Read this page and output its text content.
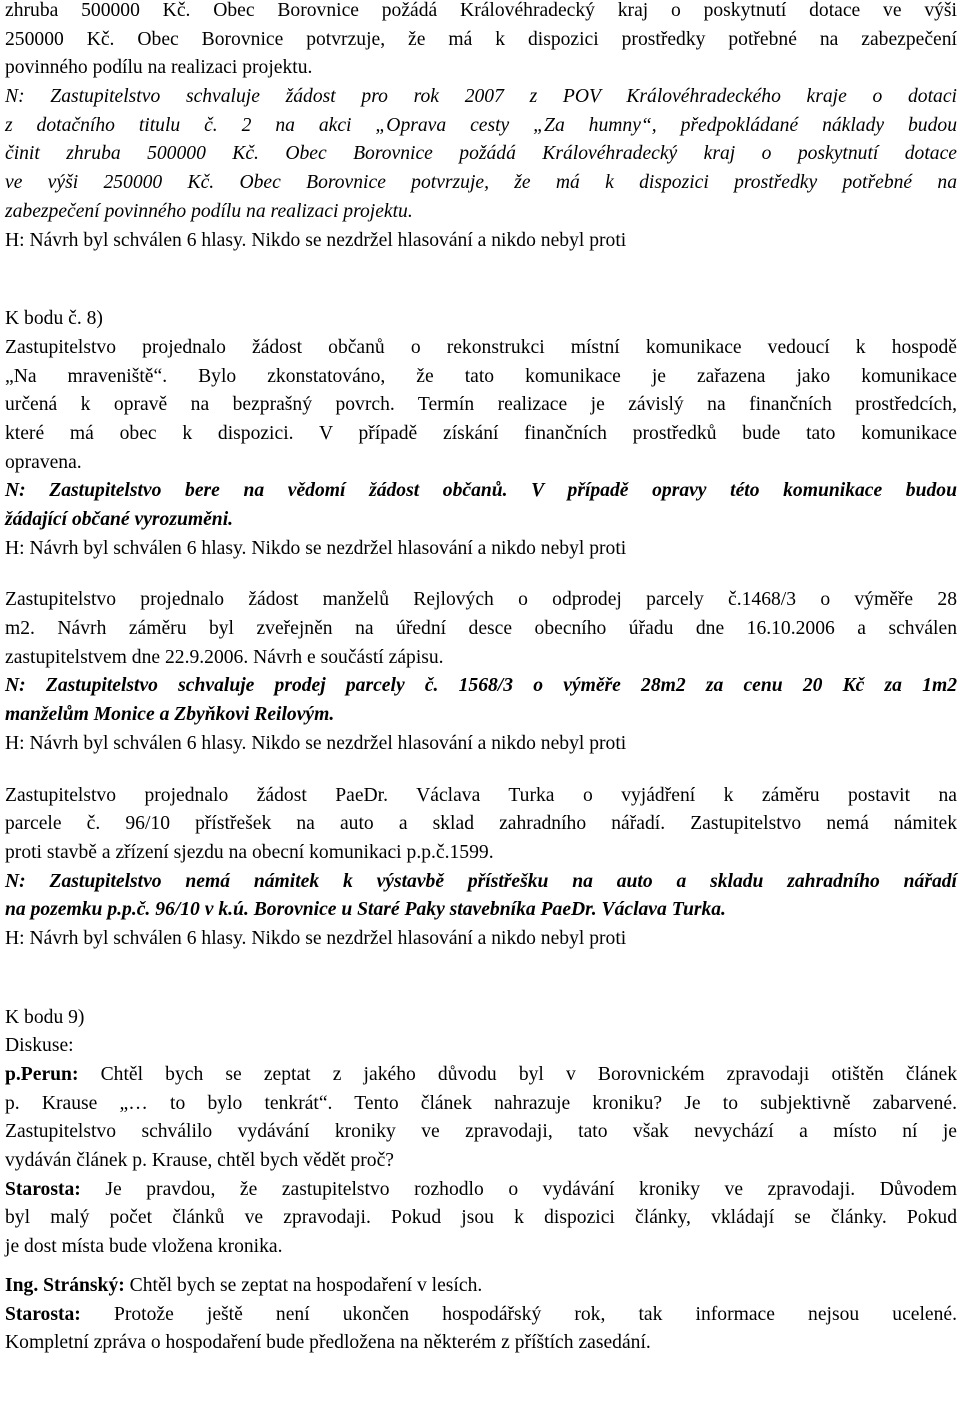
zhruba 500000 Kč. Obec Borovnice požádá Královéhradecký kraj o poskytnutí dotace ve výši
250000 Kč. Obec Borovnice potvrzuje, že má k dispozici prostředky potřebné na zabezpečení
povinného podílu na realizaci projektu.
N: Zastupitelstvo schvaluje žádost pro rok 2007 z POV Královéhradeckého kraje o dotaci
z dotačního titulu č. 2 na akci „Oprava cesty „Za humny“, předpokládané náklady budou
činit zhruba 500000 Kč. Obec Borovnice požádá Královéhradecký kraj o poskytnutí dotace
ve výši 250000 Kč. Obec Borovnice potvrzuje, že má k dispozici prostředky potřebné na
zabezpečení povinného podílu na realizaci projektu.
H: Návrh byl schválen 6 hlasy. Nikdo se nezdržel hlasování a nikdo nebyl proti
K bodu č. 8)
Zastupitelstvo projednalo žádost občanů o rekonstrukci místní komunikace vedoucí k hospodě
„Na mraveniště“. Bylo zkonstatováno, že tato komunikace je zařazena jako komunikace
určená k opravě na bezprašný povrch. Termín realizace je závislý na finančních prostředcích,
které má obec k dispozici. V případě získání finančních prostředků bude tato komunikace
opravena.
N: Zastupitelstvo bere na vědomí žádost občanů. V případě opravy této komunikace budou
žádající občané vyrozuměni.
H: Návrh byl schválen 6 hlasy. Nikdo se nezdržel hlasování a nikdo nebyl proti
Zastupitelstvo projednalo žádost manželů Rejlových o odprodej parcely č.1468/3 o výměře 28
m2. Návrh záměru byl zveřejněn na úřední desce obecního úřadu dne 16.10.2006 a schválen
zastupitelstvem dne 22.9.2006. Návrh e součástí zápisu.
N: Zastupitelstvo schvaluje prodej parcely č. 1568/3 o výměře 28m2 za cenu 20 Kč za 1m2
manželům Monice a Zbyňkovi Reilovým.
H: Návrh byl schválen 6 hlasy. Nikdo se nezdržel hlasování a nikdo nebyl proti
Zastupitelstvo projednalo žádost PaeDr. Václava Turka o vyjádření k záměru postavit na
parcele č. 96/10 přístřešek na auto a sklad zahradního nářadí. Zastupitelstvo nemá námitek
proti stavbě a zřízení sjezdu na obecní komunikaci p.p.č.1599.
N: Zastupitelstvo nemá námitek k výstavbě přístřešku na auto a skladu zahradního nářadí
na pozemku p.p.č. 96/10 v k.ú. Borovnice u Staré Paky stavebníka PaeDr. Václava Turka.
H: Návrh byl schválen 6 hlasy. Nikdo se nezdržel hlasování a nikdo nebyl proti
K bodu 9)
Diskuse:
p.Perun: Chtěl bych se zeptat z jakého důvodu byl v Borovnickém zpravodaji otištěn článek
p. Krause „… to bylo tenkrát“. Tento článek nahrazuje kroniku? Je to subjektivně zabarvené.
Zastupitelstvo schválilo vydávání kroniky ve zpravodaji, tato však nevychází a místo ní je
vydáván článek p. Krause, chtěl bych vědět proč?
Starosta: Je pravdou, že zastupitelstvo rozhodlo o vydávání kroniky ve zpravodaji. Důvodem
byl malý počet článků ve zpravodaji. Pokud jsou k dispozici články, vkládají se články. Pokud
je dost místa bude vložena kronika.
Ing. Stránský: Chtěl bych se zeptat na hospodaření v lesích.
Starosta: Protože ještě není ukončen hospodářský rok, tak informace nejsou ucelené.
Kompletní zpráva o hospodaření bude předložena na některém z příštích zasedání.
